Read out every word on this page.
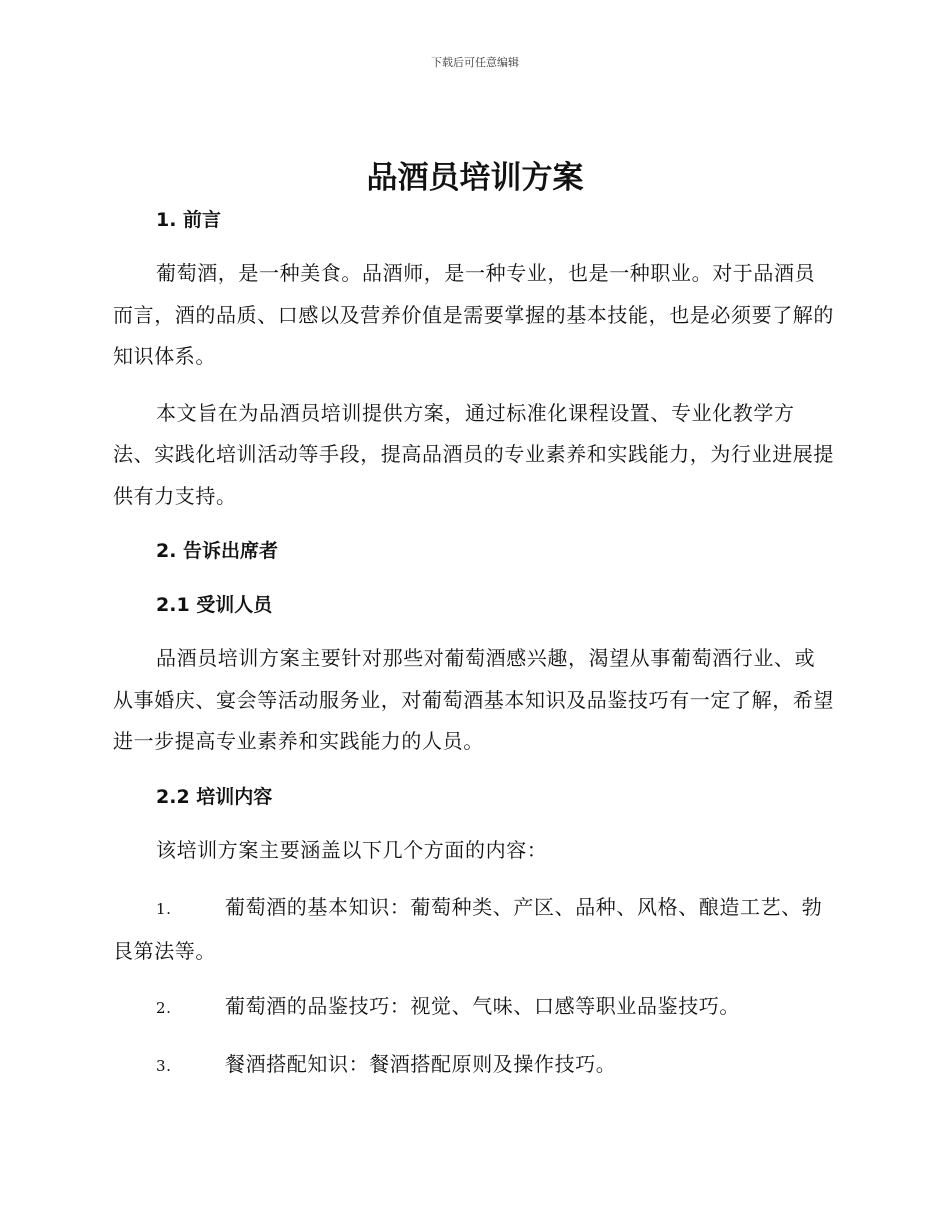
下载后可任意编辑
品酒员培训方案
1. 前言

葡萄酒，是一种美食。品酒师，是一种专业，也是一种职业。对于品酒员而言，酒的品质、口感以及营养价值是需要掌握的基本技能，也是必须要了解的知识体系。

本文旨在为品酒员培训提供方案，通过标准化课程设置、专业化教学方法、实践化培训活动等手段，提高品酒员的专业素养和实践能力，为行业进展提供有力支持。

2. 告诉出席者
2.1 受训人员

品酒员培训方案主要针对那些对葡萄酒感兴趣，渴望从事葡萄酒行业、或从事婚庆、宴会等活动服务业，对葡萄酒基本知识及品鉴技巧有一定了解，希望进一步提高专业素养和实践能力的人员。

2.2 培训内容

该培训方案主要涵盖以下几个方面的内容：

1.	葡萄酒的基本知识：葡萄种类、产区、品种、风格、酿造工艺、勃艮第法等。

2.	葡萄酒的品鉴技巧：视觉、气味、口感等职业品鉴技巧。

3.	餐酒搭配知识：餐酒搭配原则及操作技巧。
